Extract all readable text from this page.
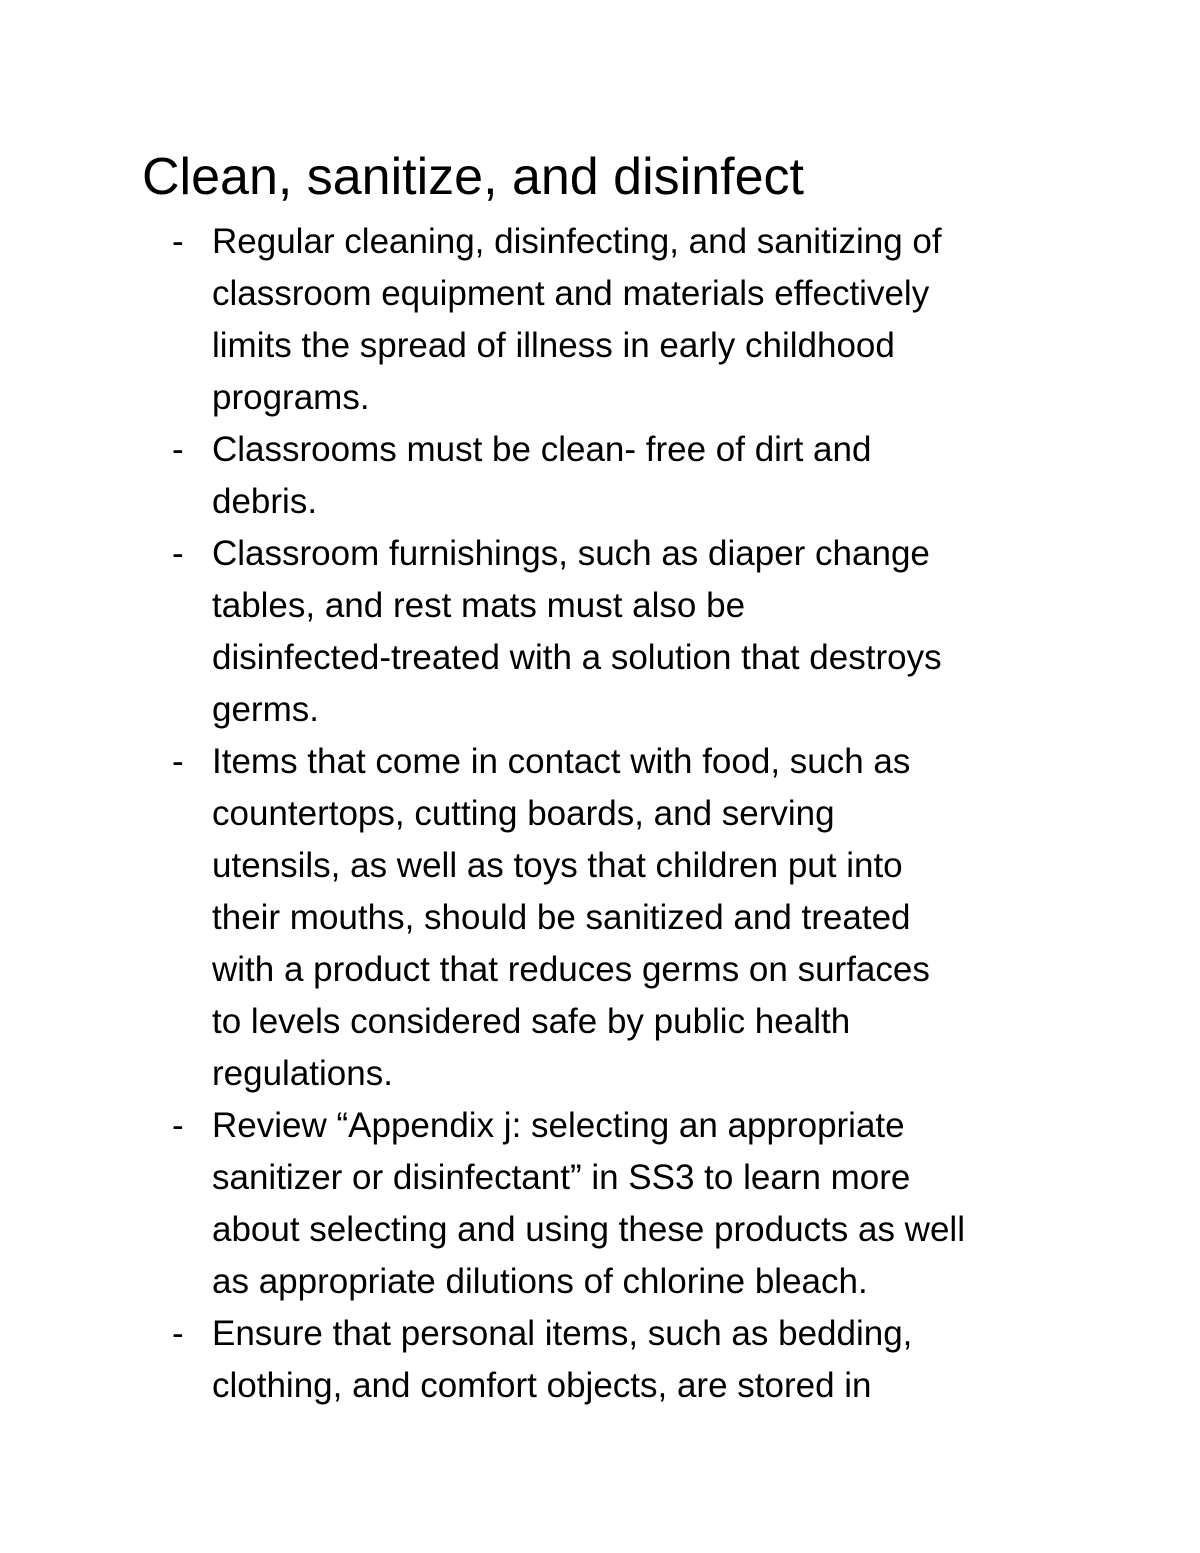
Clean, sanitize, and disinfect
- Regular cleaning, disinfecting, and sanitizing of
classroom equipment and materials effectively
limits the spread of illness in early childhood
programs.
- Classrooms must be clean- free of dirt and
debris.
- Classroom furnishings, such as diaper change
tables, and rest mats must also be
disinfected-treated with a solution that destroys
germs.
- Items that come in contact with food, such as
countertops, cutting boards, and serving
utensils, as well as toys that children put into
their mouths, should be sanitized and treated
with a product that reduces germs on surfaces
to levels considered safe by public health
regulations.
- Review “Appendix j: selecting an appropriate
sanitizer or disinfectant” in SS3 to learn more
about selecting and using these products as well
as appropriate dilutions of chlorine bleach.
- Ensure that personal items, such as bedding,
clothing, and comfort objects, are stored in
